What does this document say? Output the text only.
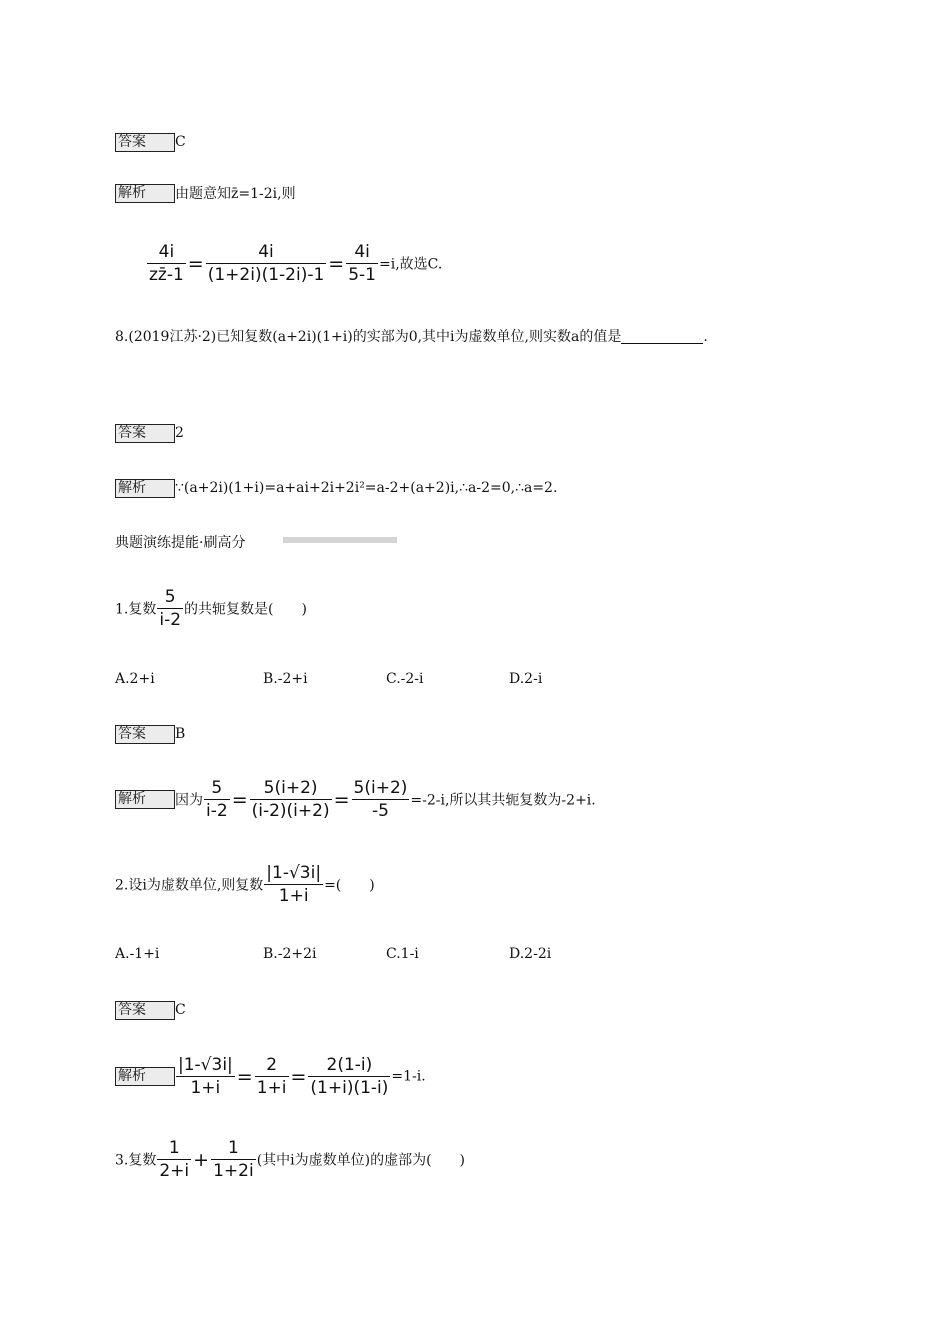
答案 C
解析 由题意知z̄=1-2i,则
$\frac{4i}{zz̄-1} = \frac{4i}{(1+2i)(1-2i)-1} = \frac{4i}{5-1} =i$,故选C.
8.(2019江苏·2)已知复数(a+2i)(1+i)的实部为0,其中i为虚数单位,则实数a的值是	.
答案 2
解析 ∵(a+2i)(1+i)=a+ai+2i+2i²=a-2+(a+2)i,∴a-2=0,∴a=2.
典题演练提能·刷高分
1.复数 $\frac{5}{i-2}$ 的共轭复数是(　　)
A.2+i	B.-2+i	C.-2-i	D.2-i
答案 B
解析 因为 $\frac{5}{i-2} = \frac{5(i+2)}{(i-2)(i+2)} = \frac{5(i+2)}{-5} =-2-i$,所以其共轭复数为-2+i.
2.设i为虚数单位,则复数 $\frac{|1-√3i|}{1+i}$ =(　　)
A.-1+i	B.-2+2i	C.1-i	D.2-2i
答案 C
解析 $\frac{|1-√3i|}{1+i} = \frac{2}{1+i} = \frac{2(1-i)}{(1+i)(1-i)} =1-i$.
3.复数 $\frac{1}{2+i} + \frac{1}{1+2i}$ (其中i为虚数单位)的虚部为(　　)
